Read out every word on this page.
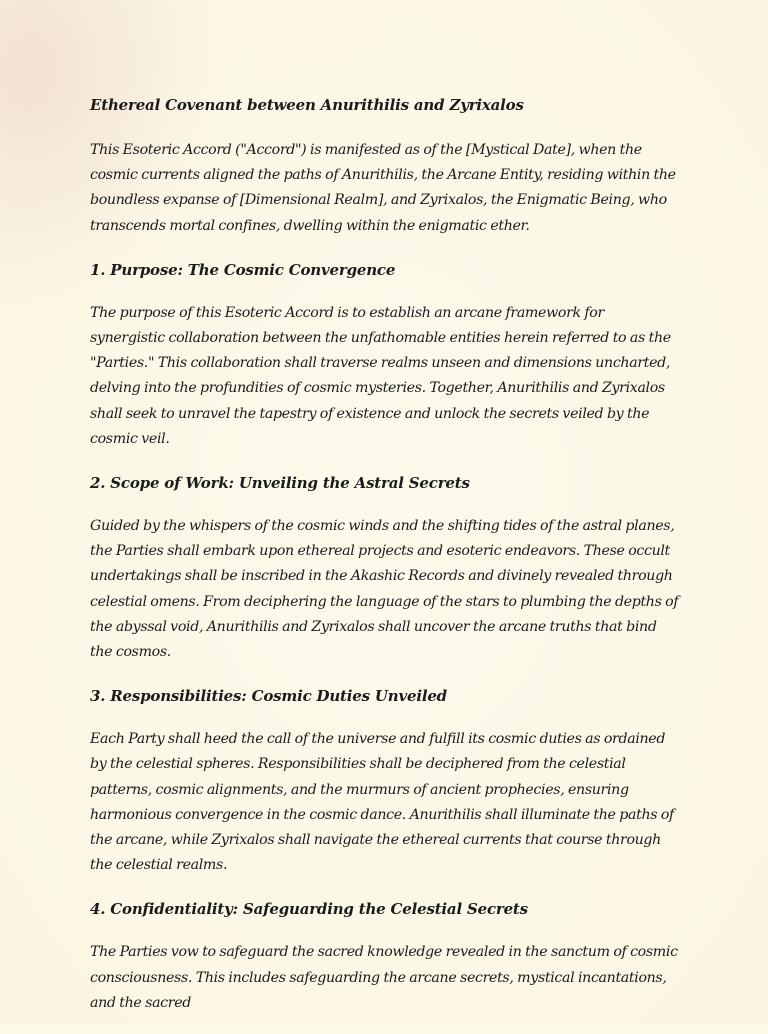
Ethereal Covenant between Anurithilis and Zyrixalos

This Esoteric Accord ("Accord") is manifested as of the [Mystical Date], when the cosmic currents aligned the paths of Anurithilis, the Arcane Entity, residing within the boundless expanse of [Dimensional Realm], and Zyrixalos, the Enigmatic Being, who transcends mortal confines, dwelling within the enigmatic ether.

1. Purpose: The Cosmic Convergence

The purpose of this Esoteric Accord is to establish an arcane framework for synergistic collaboration between the unfathomable entities herein referred to as the "Parties." This collaboration shall traverse realms unseen and dimensions uncharted, delving into the profundities of cosmic mysteries. Together, Anurithilis and Zyrixalos shall seek to unravel the tapestry of existence and unlock the secrets veiled by the cosmic veil.

2. Scope of Work: Unveiling the Astral Secrets

Guided by the whispers of the cosmic winds and the shifting tides of the astral planes, the Parties shall embark upon ethereal projects and esoteric endeavors. These occult undertakings shall be inscribed in the Akashic Records and divinely revealed through celestial omens. From deciphering the language of the stars to plumbing the depths of the abyssal void, Anurithilis and Zyrixalos shall uncover the arcane truths that bind the cosmos.

3. Responsibilities: Cosmic Duties Unveiled

Each Party shall heed the call of the universe and fulfill its cosmic duties as ordained by the celestial spheres. Responsibilities shall be deciphered from the celestial patterns, cosmic alignments, and the murmurs of ancient prophecies, ensuring harmonious convergence in the cosmic dance. Anurithilis shall illuminate the paths of the arcane, while Zyrixalos shall navigate the ethereal currents that course through the celestial realms.

4. Confidentiality: Safeguarding the Celestial Secrets

The Parties vow to safeguard the sacred knowledge revealed in the sanctum of cosmic consciousness. This includes safeguarding the arcane secrets, mystical incantations, and the sacred
